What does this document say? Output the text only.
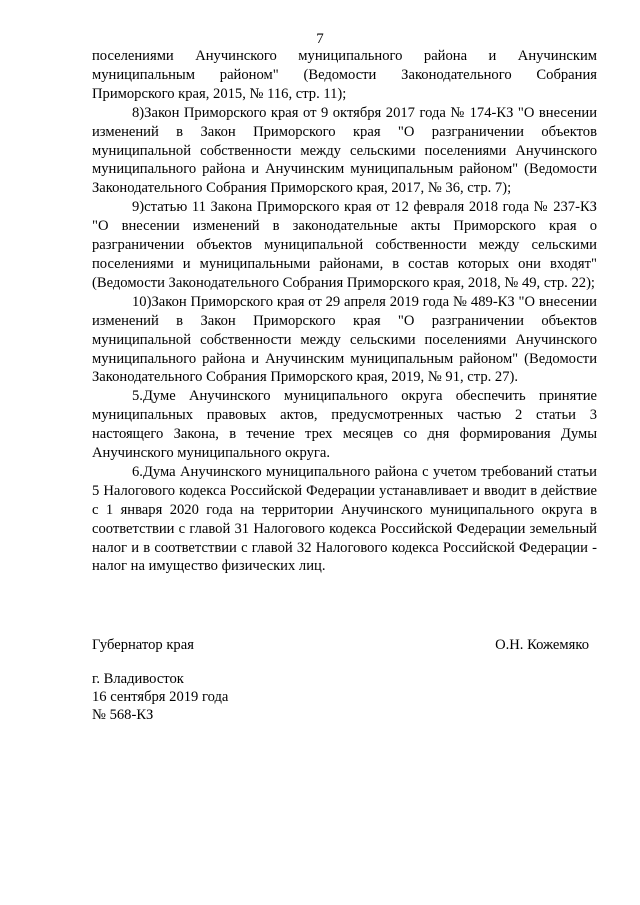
7

поселениями Анучинского муниципального района и Анучинским муниципальным районом" (Ведомости Законодательного Собрания Приморского края, 2015, № 116, стр. 11);

8)Закон Приморского края от 9 октября 2017 года № 174-КЗ "О внесении изменений в Закон Приморского края "О разграничении объектов муниципальной собственности между сельскими поселениями Анучинского муниципального района и Анучинским муниципальным районом" (Ведомости Законодательного Собрания Приморского края, 2017, № 36, стр. 7);

9)статью 11 Закона Приморского края от 12 февраля 2018 года № 237-КЗ "О внесении изменений в законодательные акты Приморского края о разграничении объектов муниципальной собственности между сельскими поселениями и муниципальными районами, в состав которых они входят" (Ведомости Законодательного Собрания Приморского края, 2018, № 49, стр. 22);

10)Закон Приморского края от 29 апреля 2019 года № 489-КЗ "О внесении изменений в Закон Приморского края "О разграничении объектов муниципальной собственности между сельскими поселениями Анучинского муниципального района и Анучинским муниципальным районом" (Ведомости Законодательного Собрания Приморского края, 2019, № 91, стр. 27).

5.Думе Анучинского муниципального округа обеспечить принятие муниципальных правовых актов, предусмотренных частью 2 статьи 3 настоящего Закона, в течение трех месяцев со дня формирования Думы Анучинского муниципального округа.

6.Дума Анучинского муниципального района с учетом требований статьи 5 Налогового кодекса Российской Федерации устанавливает и вводит в действие с 1 января 2020 года на территории Анучинского муниципального округа в соответствии с главой 31 Налогового кодекса Российской Федерации земельный налог и в соответствии с главой 32 Налогового кодекса Российской Федерации - налог на имущество физических лиц.

Губернатор края	О.Н. Кожемяко
г. Владивосток
16 сентября 2019 года
№ 568-КЗ
